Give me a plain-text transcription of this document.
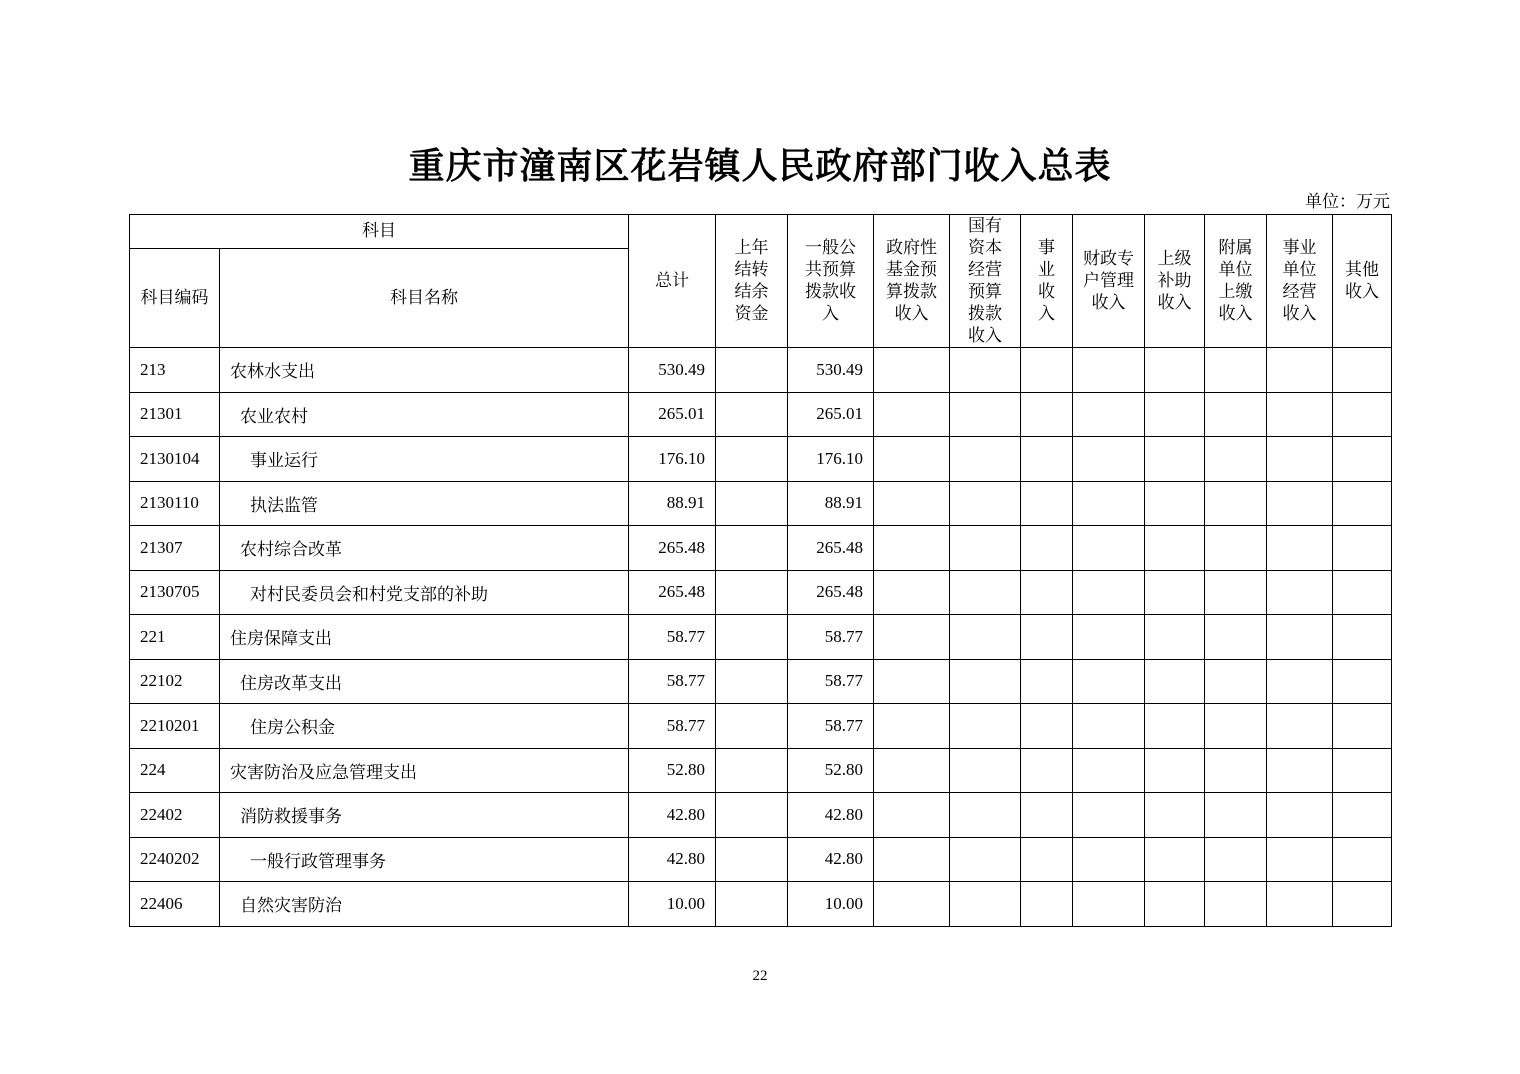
重庆市潼南区花岩镇人民政府部门收入总表
单位：万元
科目		总计	上年结转结余资金	一般公共预算拨款收入	政府性基金预算拨款收入	国有资本经营预算拨款收入	事业收入	财政专户管理收入	上级补助收入	附属单位上缴收入	事业单位经营收入	其他收入

科目编码	科目名称											
213	农林水支出	530.49		530.49								
21301	农业农村	265.01		265.01								
2130104	事业运行	176.10		176.10								
2130110	执法监管	88.91		88.91								
21307	农村综合改革	265.48		265.48								
2130705	对村民委员会和村党支部的补助	265.48		265.48								
221	住房保障支出	58.77		58.77								
22102	住房改革支出	58.77		58.77								
2210201	住房公积金	58.77		58.77								
224	灾害防治及应急管理支出	52.80		52.80								
22402	消防救援事务	42.80		42.80								
2240202	一般行政管理事务	42.80		42.80								
22406	自然灾害防治	10.00		10.00								
22
